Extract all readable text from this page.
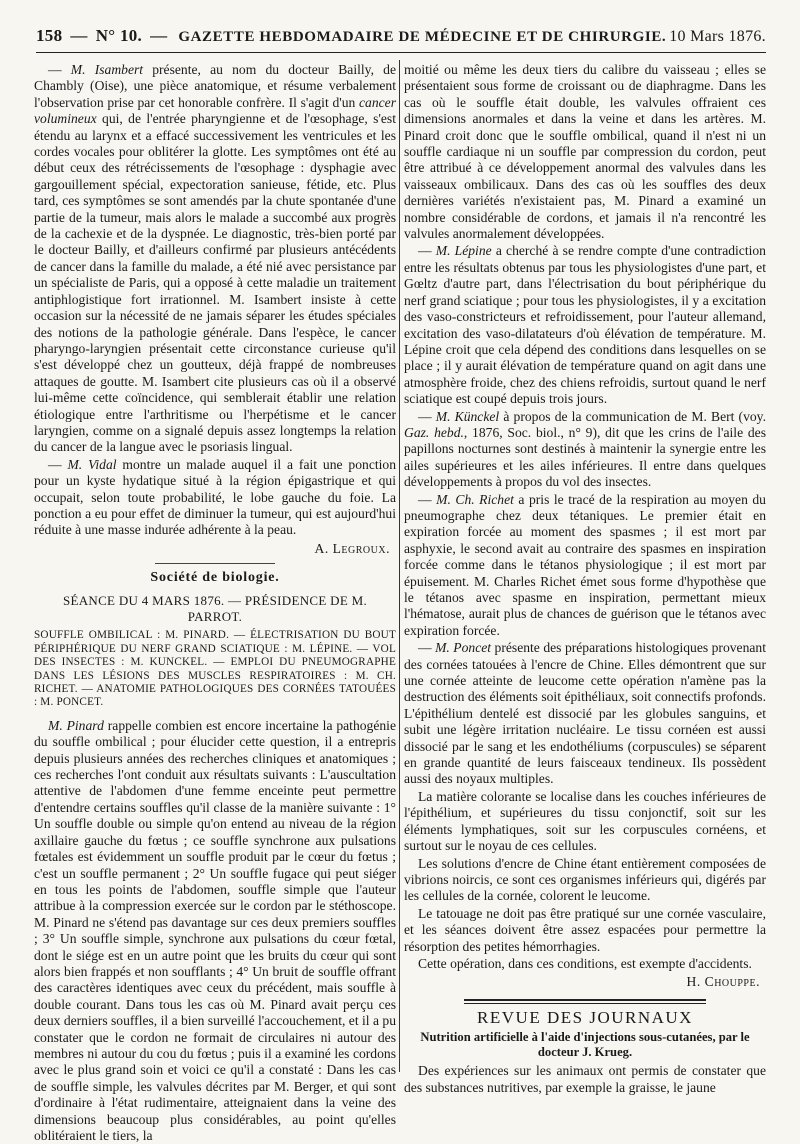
158 — N° 10. — GAZETTE HEBDOMADAIRE DE MÉDECINE ET DE CHIRURGIE. 10 Mars 1876.

— M. Isambert présente, au nom du docteur Bailly, de Chambly (Oise), une pièce anatomique, et résume verbalement l'observation prise par cet honorable confrère. Il s'agit d'un cancer volumineux qui, de l'entrée pharyngienne et de l'œsophage, s'est étendu au larynx et a effacé successivement les ventricules et les cordes vocales pour oblitérer la glotte. Les symptômes ont été au début ceux des rétrécissements de l'œsophage : dysphagie avec gargouillement spécial, expectoration sanieuse, fétide, etc. Plus tard, ces symptômes se sont amendés par la chute spontanée d'une partie de la tumeur, mais alors le malade a succombé aux progrès de la cachexie et de la dyspnée. Le diagnostic, très-bien porté par le docteur Bailly, et d'ailleurs confirmé par plusieurs antécédents de cancer dans la famille du malade, a été nié avec persistance par un spécialiste de Paris, qui a opposé à cette maladie un traitement antiphlogistique fort irrationnel. M. Isambert insiste à cette occasion sur la nécessité de ne jamais séparer les études spéciales des notions de la pathologie générale. Dans l'espèce, le cancer pharyngo-laryngien présentait cette circonstance curieuse qu'il s'est développé chez un goutteux, déjà frappé de nombreuses attaques de goutte. M. Isambert cite plusieurs cas où il a observé lui-même cette coïncidence, qui semblerait établir une relation étiologique entre l'arthritisme ou l'herpétisme et le cancer laryngien, comme on a signalé depuis assez longtemps la relation du cancer de la langue avec le psoriasis lingual.

— M. Vidal montre un malade auquel il a fait une ponction pour un kyste hydatique situé à la région épigastrique et qui occupait, selon toute probabilité, le lobe gauche du foie. La ponction a eu pour effet de diminuer la tumeur, qui est aujourd'hui réduite à une masse indurée adhérente à la peau.

A. Legroux.
Société de biologie.
SÉANCE DU 4 MARS 1876. — PRÉSIDENCE DE M. PARROT.

SOUFFLE OMBILICAL : M. PINARD. — ÉLECTRISATION DU BOUT PÉRIPHÉRIQUE DU NERF GRAND SCIATIQUE : M. LÉPINE. — VOL DES INSECTES : M. KUNCKEL. — EMPLOI DU PNEUMOGRAPHE DANS LES LÉSIONS DES MUSCLES RESPIRATOIRES : M. CH. RICHET. — ANATOMIE PATHOLOGIQUES DES CORNÉES TATOUÉES : M. PONCET.

M. Pinard rappelle combien est encore incertaine la pathogénie du souffle ombilical ; pour élucider cette question, il a entrepris depuis plusieurs années des recherches cliniques et anatomiques ; ces recherches l'ont conduit aux résultats suivants : L'auscultation attentive de l'abdomen d'une femme enceinte peut permettre d'entendre certains souffles qu'il classe de la manière suivante : 1° Un souffle double ou simple qu'on entend au niveau de la région axillaire gauche du fœtus ; ce souffle synchrone aux pulsations fœtales est évidemment un souffle produit par le cœur du fœtus ; c'est un souffle permanent ; 2° Un souffle fugace qui peut siéger en tous les points de l'abdomen, souffle simple que l'auteur attribue à la compression exercée sur le cordon par le stéthoscope. M. Pinard ne s'étend pas davantage sur ces deux premiers souffles ; 3° Un souffle simple, synchrone aux pulsations du cœur fœtal, dont le siége est en un autre point que les bruits du cœur qui sont alors bien frappés et non soufflants ; 4° Un bruit de souffle offrant des caractères identiques avec ceux du précédent, mais souffle à double courant. Dans tous les cas où M. Pinard avait perçu ces deux derniers souffles, il a bien surveillé l'accouchement, et il a pu constater que le cordon ne formait de circulaires ni autour des membres ni autour du cou du fœtus ; puis il a examiné les cordons avec le plus grand soin et voici ce qu'il a constaté : Dans les cas de souffle simple, les valvules décrites par M. Berger, et qui sont d'ordinaire à l'état rudimentaire, atteignaient dans la veine des dimensions beaucoup plus considérables, au point qu'elles oblitéraient le tiers, la

moitié ou même les deux tiers du calibre du vaisseau ; elles se présentaient sous forme de croissant ou de diaphragme. Dans les cas où le souffle était double, les valvules offraient ces dimensions anormales et dans la veine et dans les artères. M. Pinard croit donc que le souffle ombilical, quand il n'est ni un souffle cardiaque ni un souffle par compression du cordon, peut être attribué à ce développement anormal des valvules dans les vaisseaux ombilicaux. Dans des cas où les souffles des deux dernières variétés n'existaient pas, M. Pinard a examiné un nombre considérable de cordons, et jamais il n'a rencontré les valvules anormalement développées.

— M. Lépine a cherché à se rendre compte d'une contradiction entre les résultats obtenus par tous les physiologistes d'une part, et Gœltz d'autre part, dans l'électrisation du bout périphérique du nerf grand sciatique ; pour tous les physiologistes, il y a excitation des vaso-constricteurs et refroidissement, pour l'auteur allemand, excitation des vaso-dilatateurs d'où élévation de température. M. Lépine croit que cela dépend des conditions dans lesquelles on se place ; il y aurait élévation de température quand on agit dans une atmosphère froide, chez des chiens refroidis, surtout quand le nerf sciatique est coupé depuis trois jours.

— M. Künckel à propos de la communication de M. Bert (voy. Gaz. hebd., 1876, Soc. biol., n° 9), dit que les crins de l'aile des papillons nocturnes sont destinés à maintenir la synergie entre les ailes supérieures et les ailes inférieures. Il entre dans quelques développements à propos du vol des insectes.

— M. Ch. Richet a pris le tracé de la respiration au moyen du pneumographe chez deux tétaniques. Le premier était en expiration forcée au moment des spasmes ; il est mort par asphyxie, le second avait au contraire des spasmes en inspiration forcée comme dans le tétanos physiologique ; il est mort par épuisement. M. Charles Richet émet sous forme d'hypothèse que le tétanos avec spasme en inspiration, permettant mieux l'hématose, aurait plus de chances de guérison que le tétanos avec expiration forcée.

— M. Poncet présente des préparations histologiques provenant des cornées tatouées à l'encre de Chine. Elles démontrent que sur une cornée atteinte de leucome cette opération n'amène pas la destruction des éléments soit épithéliaux, soit connectifs profonds. L'épithélium dentelé est dissocié par les globules sanguins, et subit une légère irritation nucléaire. Le tissu cornéen est aussi dissocié par le sang et les endothéliums (corpuscules) se séparent en grande quantité de leurs faisceaux tendineux. Ils possèdent aussi des noyaux multiples.

La matière colorante se localise dans les couches inférieures de l'épithélium, et supérieures du tissu conjonctif, soit sur les éléments lymphatiques, soit sur les corpuscules cornéens, et surtout sur le noyau de ces cellules.

Les solutions d'encre de Chine étant entièrement composées de vibrions noircis, ce sont ces organismes inférieurs qui, digérés par les cellules de la cornée, colorent le leucome.

Le tatouage ne doit pas être pratiqué sur une cornée vasculaire, et les séances doivent être assez espacées pour permettre la résorption des petites hémorrhagies.

Cette opération, dans ces conditions, est exempte d'accidents.

H. Chouppe.
REVUE DES JOURNAUX
Nutrition artificielle à l'aide d'injections sous-cutanées, par le docteur J. Krueg.

Des expériences sur les animaux ont permis de constater que des substances nutritives, par exemple la graisse, le jaune
